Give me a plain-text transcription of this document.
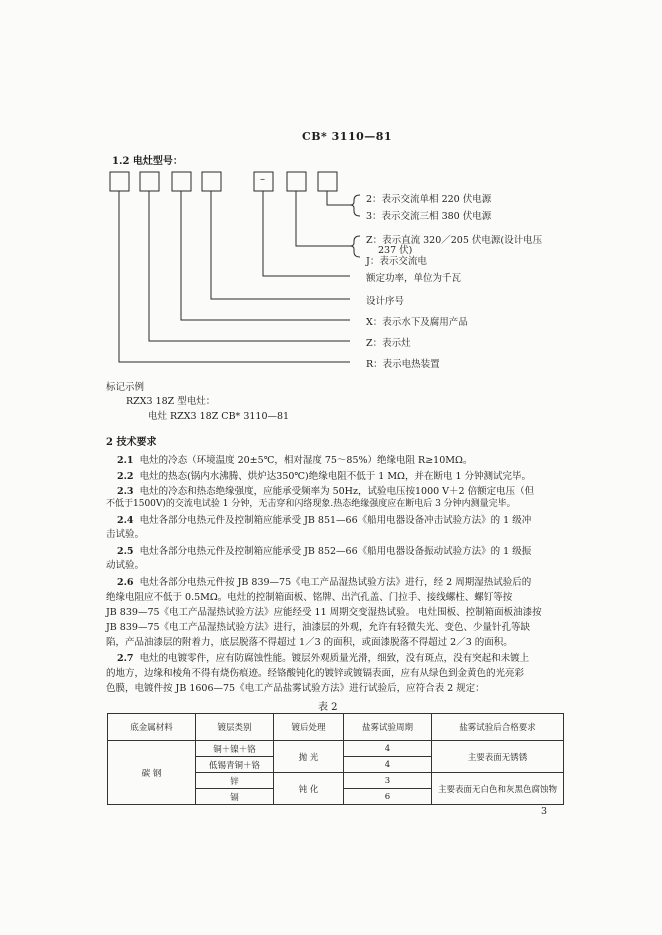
CB* 3110—81
1.2 电灶型号：
–
2：表示交流单相 220 伏电源
3：表示交流三相 380 伏电源
Z：表示直流 320／205 伏电源(设计电压
237 伏)
J：表示交流电
额定功率，单位为千瓦
设计序号
X：表示水下及腐用产品
Z：表示灶
R：表示电热装置
标记示例
RZX3 18Z 型电灶：
电灶 RZX3 18Z CB* 3110—81
2 技术要求
2.1 电灶的冷态（环境温度 20±5℃，相对湿度 75～85%）绝缘电阻 R≥10MΩ。
2.2 电灶的热态(锅内水沸腾、烘炉达350℃)绝缘电阻不低于 1 MΩ，并在断电 1 分钟测试完毕。
2.3 电灶的冷态和热态绝缘强度，应能承受频率为 50Hz，试验电压按1000 V＋2 倍额定电压（但
不低于1500V)的交流电试验 1 分钟，无击穿和闪络现象.热态绝缘强度应在断电后 3 分钟内测量完毕。
2.4 电灶各部分电热元件及控制箱应能承受 JB 851—66《船用电器设备冲击试验方法》的 1 级冲
击试验。
2.5 电灶各部分电热元件及控制箱应能承受 JB 852—66《船用电器设备振动试验方法》的 1 级振
动试验。
2.6 电灶各部分电热元件按 JB 839—75《电工产品湿热试验方法》进行，经 2 周期湿热试验后的
绝缘电阻应不低于 0.5MΩ。电灶的控制箱面板、铭牌、出汽孔盖、门拉手、接线螺柱、螺钉等按
JB 839—75《电工产品湿热试验方法》应能经受 11 周期交变湿热试验。 电灶围板、控制箱面板油漆按
JB 839—75《电工产品湿热试验方法》进行，油漆层的外观，允许有轻微失光、变色、少量针孔等缺
陷，产品油漆层的附着力，底层脱落不得超过 1／3 的面积，或面漆脱落不得超过 2／3 的面积。
2.7 电灶的电镀零件，应有防腐蚀性能。镀层外观质量光滑，细致，没有斑点，没有突起和未镀上
的地方，边缘和棱角不得有烧伤痕迹。经铬酸钝化的镀锌或镀镉表面，应有从绿色到金黄色的光亮彩
色膜，电镀件按 JB 1606—75《电工产品盐雾试验方法》进行试验后，应符合表 2 规定：
表 2
底金属材料	镀层类别	镀后处理	盐雾试验周期	盐雾试验后合格要求
碳 钢	铜＋镍＋铬	抛 光	4	主要表面无锈锈
	低锡青铜＋铬		4	
	锌	钝 化	3	主要表面无白色和灰黑色腐蚀物
	镉		6	
3
